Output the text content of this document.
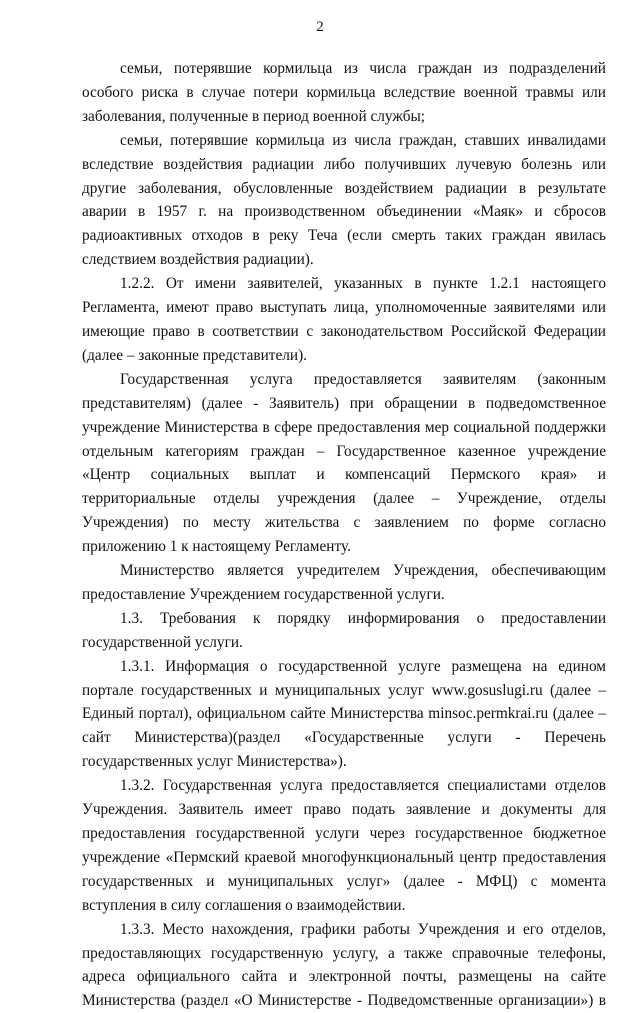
2
семьи, потерявшие кормильца из числа граждан из подразделений
особого риска в случае потери кормильца вследствие военной травмы или
заболевания, полученные в период военной службы;
семьи, потерявшие кормильца из числа граждан, ставших инвалидами
вследствие воздействия радиации либо получивших лучевую болезнь или
другие заболевания, обусловленные воздействием радиации в результате
аварии в 1957 г. на производственном объединении «Маяк» и сбросов
радиоактивных отходов в реку Теча (если смерть таких граждан явилась
следствием воздействия радиации).
1.2.2. От имени заявителей, указанных в пункте 1.2.1 настоящего
Регламента, имеют право выступать лица, уполномоченные заявителями или
имеющие право в соответствии с законодательством Российской Федерации
(далее – законные представители).
Государственная услуга предоставляется заявителям (законным
представителям) (далее - Заявитель) при обращении в подведомственное
учреждение Министерства в сфере предоставления мер социальной поддержки
отдельным категориям граждан – Государственное казенное учреждение
«Центр социальных выплат и компенсаций Пермского края» и
территориальные отделы учреждения (далее – Учреждение, отделы
Учреждения) по месту жительства с заявлением по форме согласно
приложению 1 к настоящему Регламенту.
Министерство является учредителем Учреждения, обеспечивающим
предоставление Учреждением государственной услуги.
1.3. Требования к порядку информирования о предоставлении
государственной услуги.
1.3.1. Информация о государственной услуге размещена на едином
портале государственных и муниципальных услуг www.gosuslugi.ru (далее –
Единый портал), официальном сайте Министерства minsoc.permkrai.ru (далее –
сайт Министерства)(раздел «Государственные услуги - Перечень
государственных услуг Министерства»).
1.3.2. Государственная услуга предоставляется специалистами отделов
Учреждения. Заявитель имеет право подать заявление и документы для
предоставления государственной услуги через государственное бюджетное
учреждение «Пермский краевой многофункциональный центр предоставления
государственных и муниципальных услуг» (далее - МФЦ) с момента
вступления в силу соглашения о взаимодействии.
1.3.3. Место нахождения, графики работы Учреждения и его отделов,
предоставляющих государственную услугу, а также справочные телефоны,
адреса официального сайта и электронной почты, размещены на сайте
Министерства (раздел «О Министерстве - Подведомственные организации») в
